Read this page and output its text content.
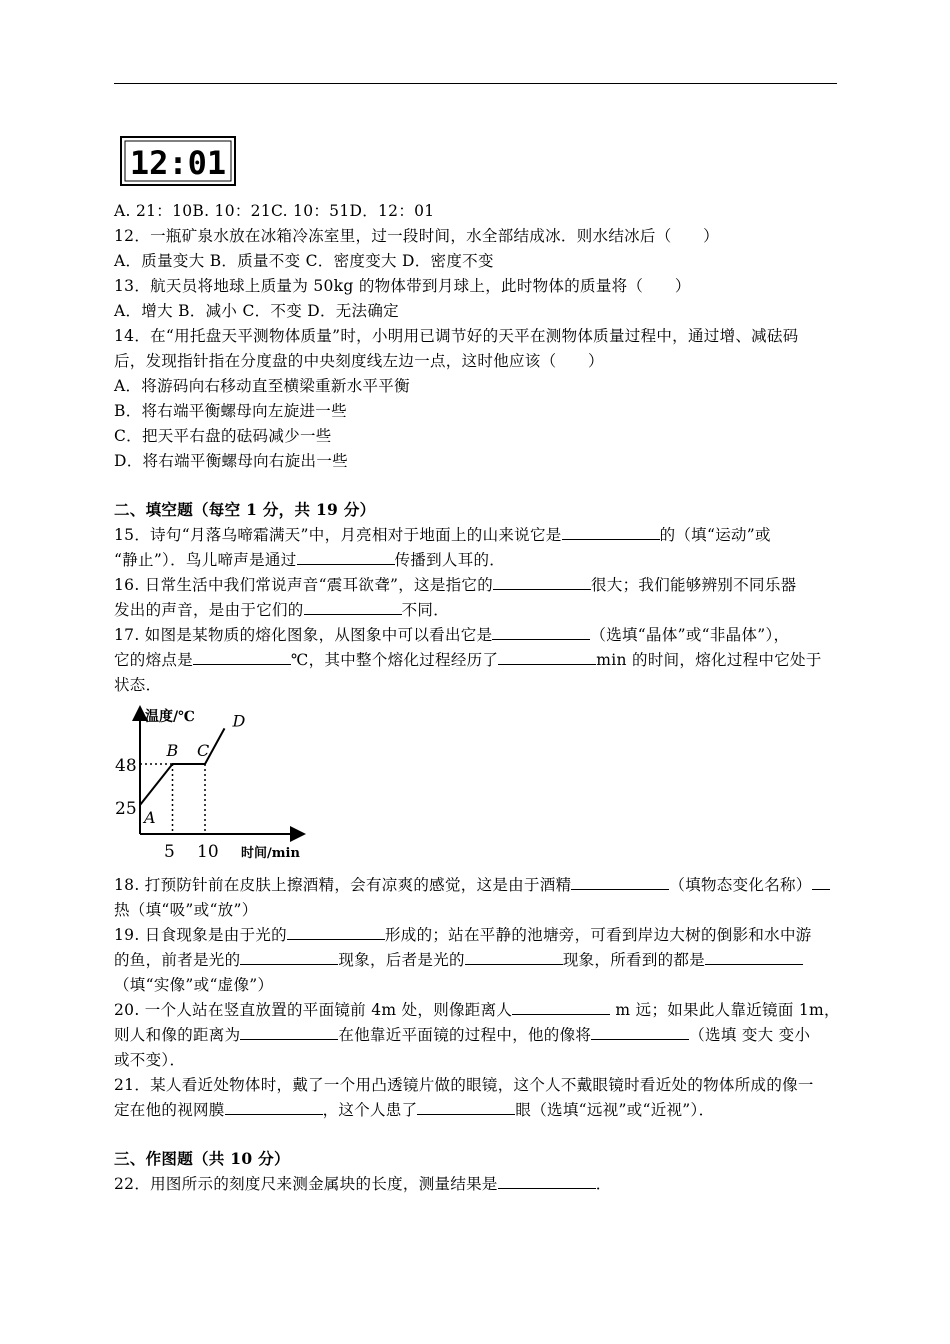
12:01
A. 21：10B. 10：21C. 10：51D．12：01
12．一瓶矿泉水放在冰箱冷冻室里，过一段时间，水全部结成冰．则水结冰后（　　）
A．质量变大 B．质量不变 C．密度变大 D．密度不变
13．航天员将地球上质量为 50kg 的物体带到月球上，此时物体的质量将（　　）
A．增大 B．减小 C．不变 D．无法确定
14．在“用托盘天平测物体质量”时，小明用已调节好的天平在测物体质量过程中，通过增、减砝码
后，发现指针指在分度盘的中央刻度线左边一点，这时他应该（　　）
A．将游码向右移动直至横梁重新水平平衡
B．将右端平衡螺母向左旋进一些
C．把天平右盘的砝码减少一些
D．将右端平衡螺母向右旋出一些
二、填空题（每空 1 分，共 19 分）
15．诗句“月落乌啼霜满天”中，月亮相对于地面上的山来说它是	的（填“运动”或
“静止”）．鸟儿啼声是通过	传播到人耳的．
16. 日常生活中我们常说声音“震耳欲聋”，这是指它的	很大；我们能够辨别不同乐器
发出的声音，是由于它们的	不同．
17. 如图是某物质的熔化图象，从图象中可以看出它是	（选填“晶体”或“非晶体”），
它的熔点是	℃，其中整个熔化过程经历了	min 的时间，熔化过程中它处于
状态．
温度/℃
时间/min
48
25
5 10
A
B C
D
18. 打预防针前在皮肤上擦酒精，会有凉爽的感觉，这是由于酒精	（填物态变化名称）
热（填“吸”或“放”）
19. 日食现象是由于光的	形成的；站在平静的池塘旁，可看到岸边大树的倒影和水中游
的鱼，前者是光的	现象，后者是光的	现象，所看到的都是
（填“实像”或“虚像”）
20. 一个人站在竖直放置的平面镜前 4m 处，则像距离人	m 远；如果此人靠近镜面 1m，
则人和像的距离为	在他靠近平面镜的过程中，他的像将	（选填 变大 变小
或不变）．
21．某人看近处物体时，戴了一个用凸透镜片做的眼镜，这个人不戴眼镜时看近处的物体所成的像一
定在他的视网膜	，这个人患了	眼（选填“远视”或“近视”）．
三、作图题（共 10 分）
22．用图所示的刻度尺来测金属块的长度，测量结果是	．
